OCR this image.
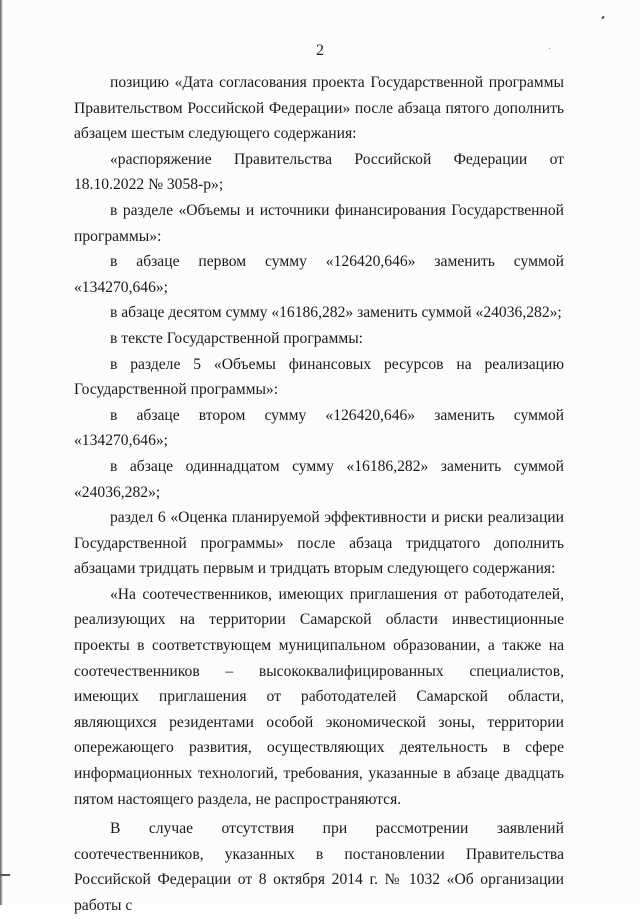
2

позицию «Дата согласования проекта Государственной программы Правительством Российской Федерации» после абзаца пятого дополнить абзацем шестым следующего содержания:

«распоряжение Правительства Российской Федерации от 18.10.2022 № 3058-р»;

в разделе «Объемы и источники финансирования Государственной программы»:

в абзаце первом сумму «126420,646» заменить суммой «134270,646»;

в абзаце десятом сумму «16186,282» заменить суммой «24036,282»;

в тексте Государственной программы:

в разделе 5 «Объемы финансовых ресурсов на реализацию Государственной программы»:

в абзаце втором сумму «126420,646» заменить суммой «134270,646»;

в абзаце одиннадцатом сумму «16186,282» заменить суммой «24036,282»;

раздел 6 «Оценка планируемой эффективности и риски реализации Государственной программы» после абзаца тридцатого дополнить абзацами тридцать первым и тридцать вторым следующего содержания:

«На соотечественников, имеющих приглашения от работодателей, реализующих на территории Самарской области инвестиционные проекты в соответствующем муниципальном образовании, а также на соотечественников – высококвалифицированных специалистов, имеющих приглашения от работодателей Самарской области, являющихся резидентами особой экономической зоны, территории опережающего развития, осуществляющих деятельность в сфере информационных технологий, требования, указанные в абзаце двадцать пятом настоящего раздела, не распространяются.

В случае отсутствия при рассмотрении заявлений соотечественников, указанных в постановлении Правительства Российской Федерации от 8 октября 2014 г. № 1032 «Об организации работы с
